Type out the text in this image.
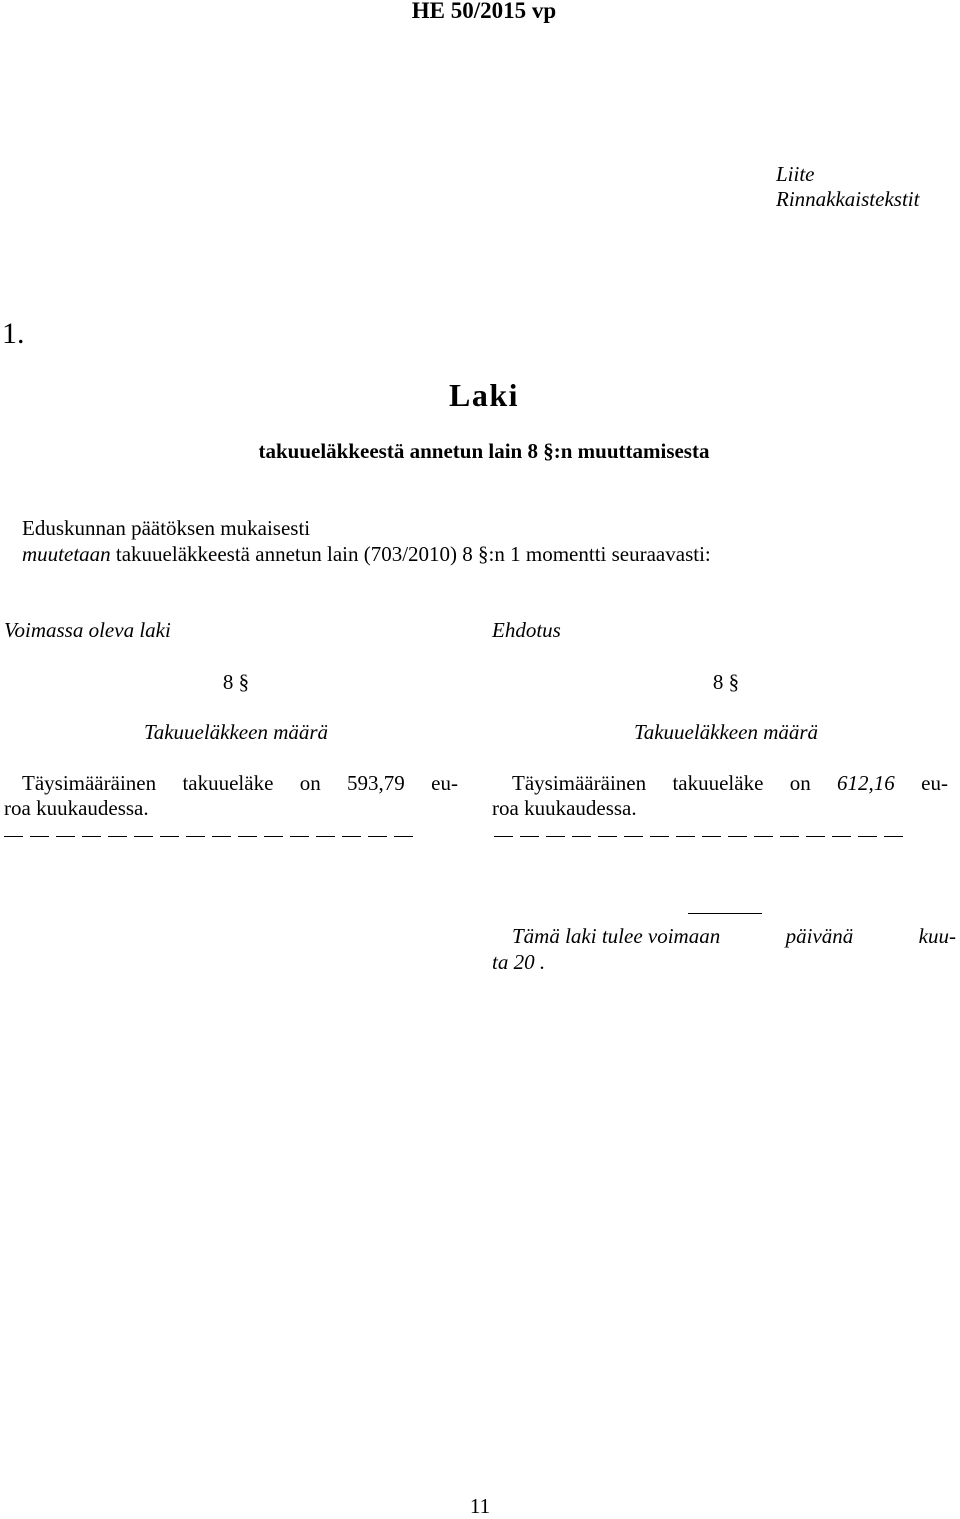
HE 50/2015 vp
Liite
Rinnakkaistekstit
1.
Laki
takuueläkkeestä annetun lain 8 §:n muuttamisesta
Eduskunnan päätöksen mukaisesti
muutetaan takuueläkkeestä annetun lain (703/2010) 8 §:n 1 momentti seuraavasti:
Voimassa oleva laki
8 §
Takuueläkkeen määrä
Täysimääräinen takuueläke on 593,79 eu-
roa kuukaudessa.
Ehdotus
8 §
Takuueläkkeen määrä
Täysimääräinen takuueläke on 612,16 eu-
roa kuukaudessa.
Tämä laki tulee voimaan	päivänä	kuu-
ta 20 .
11
